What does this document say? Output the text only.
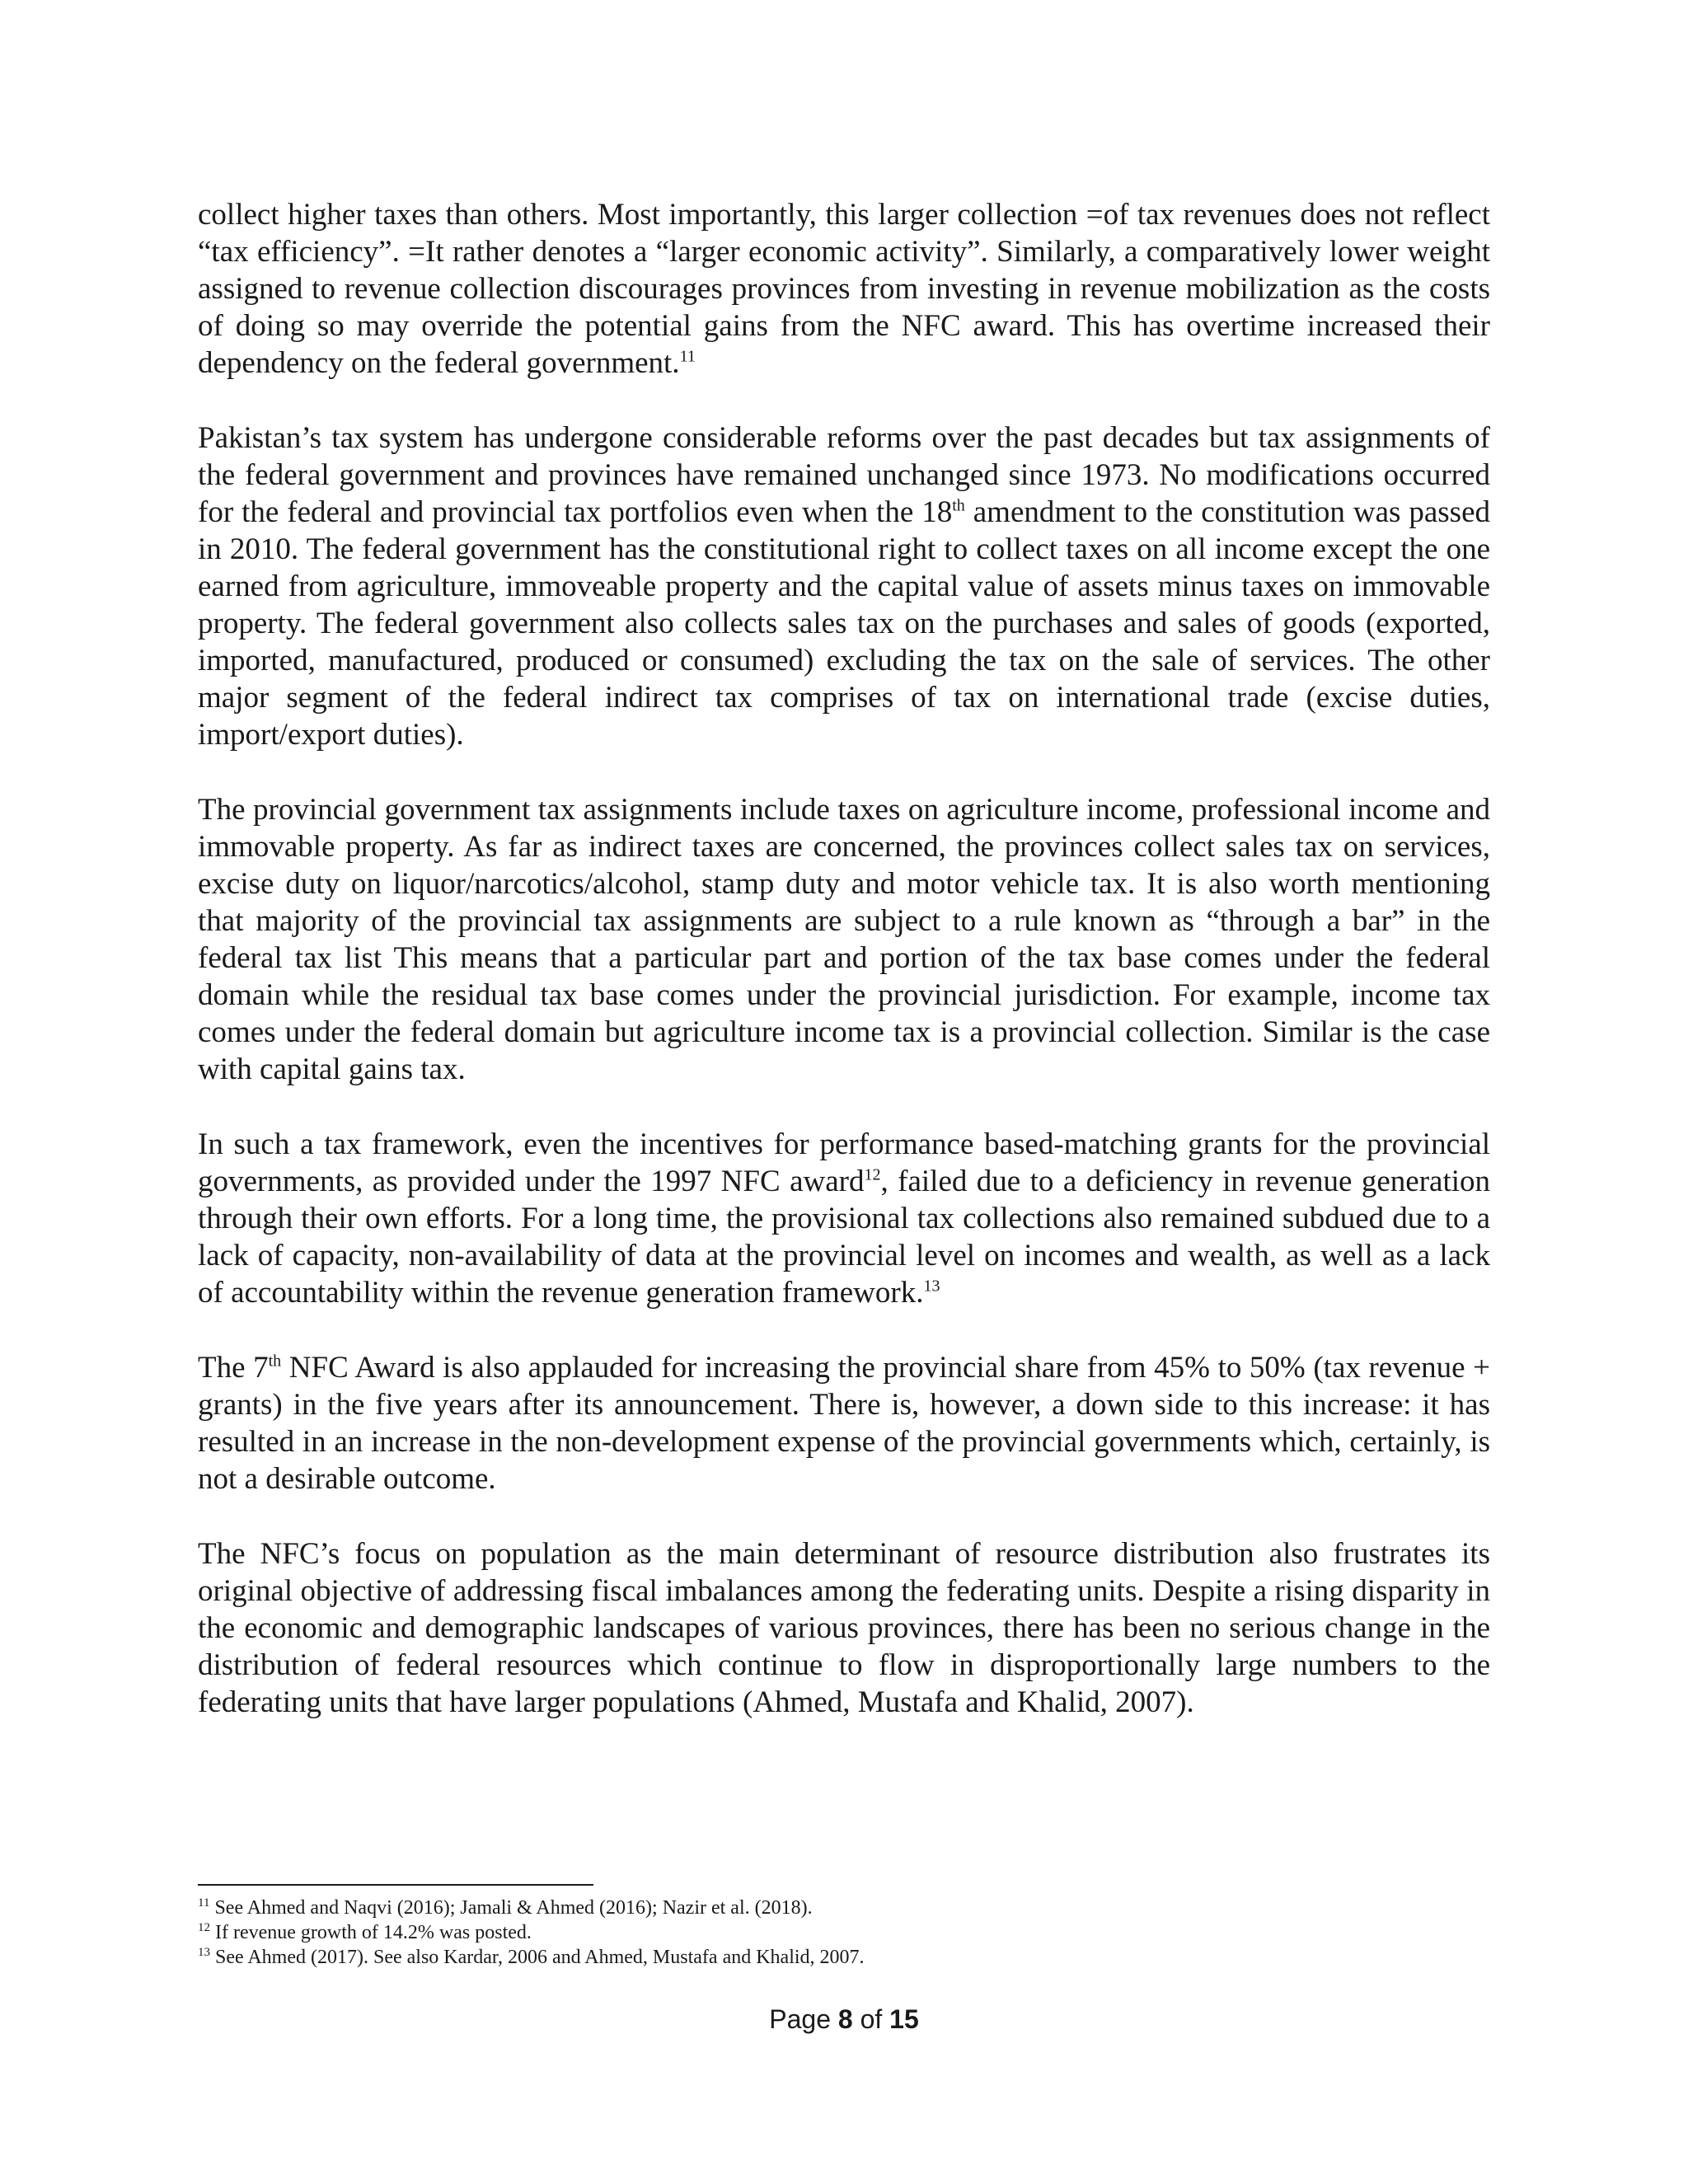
collect higher taxes than others. Most importantly, this larger collection =of tax revenues does not reflect “tax efficiency”. =It rather denotes a “larger economic activity”. Similarly, a comparatively lower weight assigned to revenue collection discourages provinces from investing in revenue mobilization as the costs of doing so may override the potential gains from the NFC award. This has overtime increased their dependency on the federal government.$^{11}$

Pakistan’s tax system has undergone considerable reforms over the past decades but tax assignments of the federal government and provinces have remained unchanged since 1973. No modifications occurred for the federal and provincial tax portfolios even when the 18th amendment to the constitution was passed in 2010. The federal government has the constitutional right to collect taxes on all income except the one earned from agriculture, immoveable property and the capital value of assets minus taxes on immovable property. The federal government also collects sales tax on the purchases and sales of goods (exported, imported, manufactured, produced or consumed) excluding the tax on the sale of services. The other major segment of the federal indirect tax comprises of tax on international trade (excise duties, import/export duties).

The provincial government tax assignments include taxes on agriculture income, professional income and immovable property. As far as indirect taxes are concerned, the provinces collect sales tax on services, excise duty on liquor/narcotics/alcohol, stamp duty and motor vehicle tax. It is also worth mentioning that majority of the provincial tax assignments are subject to a rule known as “through a bar” in the federal tax list This means that a particular part and portion of the tax base comes under the federal domain while the residual tax base comes under the provincial jurisdiction. For example, income tax comes under the federal domain but agriculture income tax is a provincial collection. Similar is the case with capital gains tax.

In such a tax framework, even the incentives for performance based-matching grants for the provincial governments, as provided under the 1997 NFC award$^{12}$, failed due to a deficiency in revenue generation through their own efforts. For a long time, the provisional tax collections also remained subdued due to a lack of capacity, non-availability of data at the provincial level on incomes and wealth, as well as a lack of accountability within the revenue generation framework.$^{13}$

The 7th NFC Award is also applauded for increasing the provincial share from 45% to 50% (tax revenue + grants) in the five years after its announcement. There is, however, a down side to this increase: it has resulted in an increase in the non-development expense of the provincial governments which, certainly, is not a desirable outcome.

The NFC’s focus on population as the main determinant of resource distribution also frustrates its original objective of addressing fiscal imbalances among the federating units. Despite a rising disparity in the economic and demographic landscapes of various provinces, there has been no serious change in the distribution of federal resources which continue to flow in disproportionally large numbers to the federating units that have larger populations (Ahmed, Mustafa and Khalid, 2007).

$^{11}$ See Ahmed and Naqvi (2016); Jamali & Ahmed (2016); Nazir et al. (2018).

$^{12}$ If revenue growth of 14.2% was posted.

$^{13}$ See Ahmed (2017). See also Kardar, 2006 and Ahmed, Mustafa and Khalid, 2007.

Page 8 of 15
